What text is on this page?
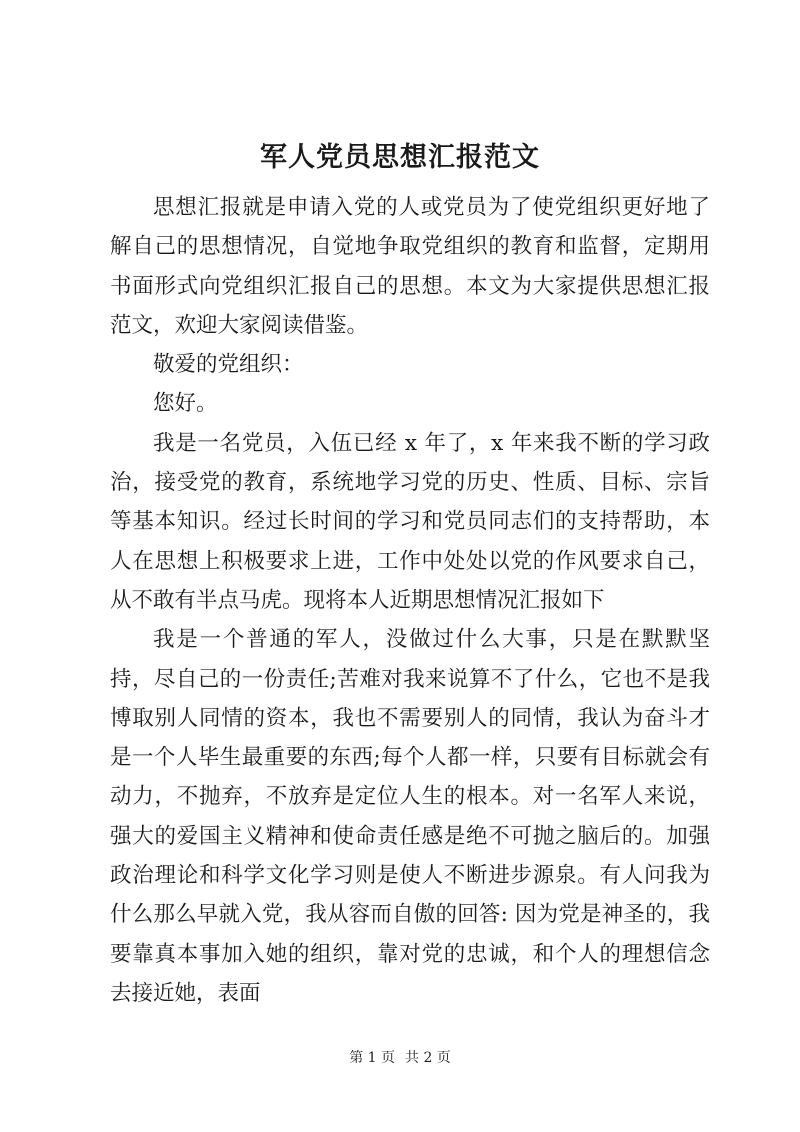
军人党员思想汇报范文

思想汇报就是申请入党的人或党员为了使党组织更好地了解自己的思想情况，自觉地争取党组织的教育和监督，定期用书面形式向党组织汇报自己的思想。本文为大家提供思想汇报范文，欢迎大家阅读借鉴。

敬爱的党组织：

您好。

我是一名党员，入伍已经 x 年了，x 年来我不断的学习政治，接受党的教育，系统地学习党的历史、性质、目标、宗旨等基本知识。经过长时间的学习和党员同志们的支持帮助，本人在思想上积极要求上进，工作中处处以党的作风要求自己，从不敢有半点马虎。现将本人近期思想情况汇报如下

我是一个普通的军人，没做过什么大事，只是在默默坚持，尽自己的一份责任;苦难对我来说算不了什么，它也不是我博取别人同情的资本，我也不需要别人的同情，我认为奋斗才是一个人毕生最重要的东西;每个人都一样，只要有目标就会有动力，不抛弃，不放弃是定位人生的根本。对一名军人来说，强大的爱国主义精神和使命责任感是绝不可抛之脑后的。加强政治理论和科学文化学习则是使人不断进步源泉。有人问我为什么那么早就入党，我从容而自傲的回答: 因为党是神圣的，我要靠真本事加入她的组织，靠对党的忠诚，和个人的理想信念去接近她，表面

第 1 页 共 2 页
